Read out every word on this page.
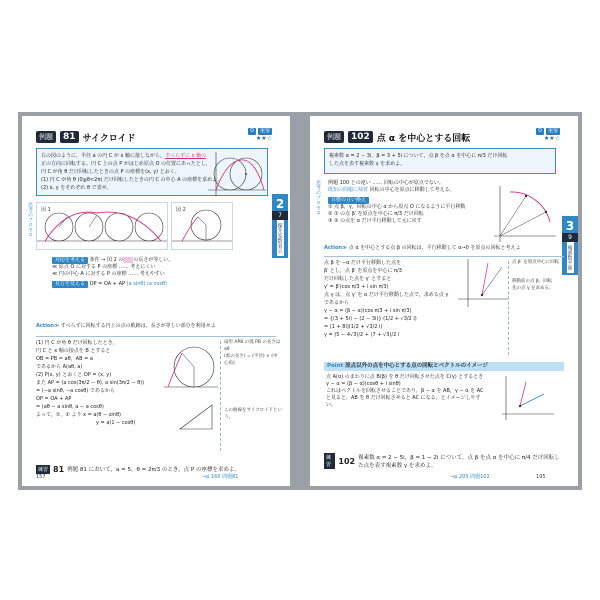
例題	81 サイクロイド
D 重要
★★☆
右の図のように，半径 a の円 C が x 軸に接しながら，すべらずに x 軸の
正の方向に回転する。円 C 上の点 P がはじめ原点 O の位置にあったとし，
円 C が角 θ だけ回転したときの点 P の座標を(x, y) とおく。
(1) 円 C が角 θ (0≦θ<2π) だけ回転したときの円 C の中心 A の座標を求めよ。
(2) x, y をそれぞれ θ で表せ。
2
7
媒介変数表示
思考のプロセス 図 1	図 2
対応を考える 条件 ⇒ 図 2 の　　 の長さが等しい。
≪ 原点 O に対する P の座標 …… 考えにくい
≪ 円の中心 A に対する P の座標 …… 考えやすい
見方を変える OP = OA + AP (a sinθ) (a cosθ)
Action≫ すべらずに回転する円上の点の軌跡は，長さが等しい部分を利用せよ
(1) 円 C が角 θ だけ回転したとき，
円 C と x 軸の接点を B とすると
OB = PB = aθ，AB = a
であるから A(aθ, a)
(2) P(x, y) とおくと OP = (x, y)
また AP = (a cos(3π/2 − θ), a sin(3π/2 − θ))
= (−a sinθ, −a cosθ) であるから
OP = OA + AP
= (aθ − a sinθ, a − a cosθ)
よって，①，② より x = a(θ − sinθ)
y = a(1 − cosθ)
扇形 APB の弧 PB の長さは aθ
(弧の長さ) = (半径) × (中心角)
この曲線をサイクロイドという。
練習 81 例題 81 において，a = 5，θ = 2π/3 のとき，点 P の座標を求めよ。
157	→p.160 問題81
例題	102 点 α を中心とする回転
D 重要
★★☆
複素数 α = 2 − 3i，β = 3 + 5i について，点 β を点 α を中心に π/3 だけ回転
した点を表す複素数 γ を求めよ。
3
9
複素数平面
思考のプロセス 例題 100 との違い …… 回転の中心が原点でない。
既知の問題に帰着 回転の中心を原点に移動して考える。
目標の言い換え
① 点 β，γ，回転の中心 α から原点 O になるように平行移動
② ① の点 β′ を原点を中心に π/3 だけ回転
③ ② の点を α だけ平行移動して元に戻す
Action≫ 点 α を中心とする点 β の回転は，平行移動して α→0 を原点の回転と考えよ
点 β を −α だけ平行移動した点を
β′ とし，点 β′ を原点を中心に π/3
だけ回転した点を γ′ とすると
γ′ = β′(cos π/3 + i sin π/3)
点 γ は，点 γ′ を α だけ平行移動した点で，求める点 γ であるから
γ − α = (β − α)(cos π/3 + i sin π/3)
= {(3 + 5i) − (2 − 3i)} (1/2 + √3/2 i)
= (1 + 8i)(1/2 + √3/2 i)
γ = (5 − 4√3)/2 + (7 + √3)/2 i
点 β′ を原点中心に回転
移動前の点 β，回転
先の点 γ を求める。
Point 原点以外の点を中心とする点の回転とベクトルのイメージ
点 A(α) のまわりに点 B(β) を θ だけ回転させた点を C(γ) とするとき
γ − α = (β − α)(cosθ + i sinθ)
これはベクトルを回転させることであり，β − α を AB，γ − α を AC
と見ると，AB を θ だけ回転させると AC になる，とイメージしやすい。
練習 102 複素数 α = 2 − 5i，β = 1 − 2i について，点 β を点 α を中心に π/4 だけ回転した点を表す複素数 γ を求めよ。
→p.205 問題102	195
